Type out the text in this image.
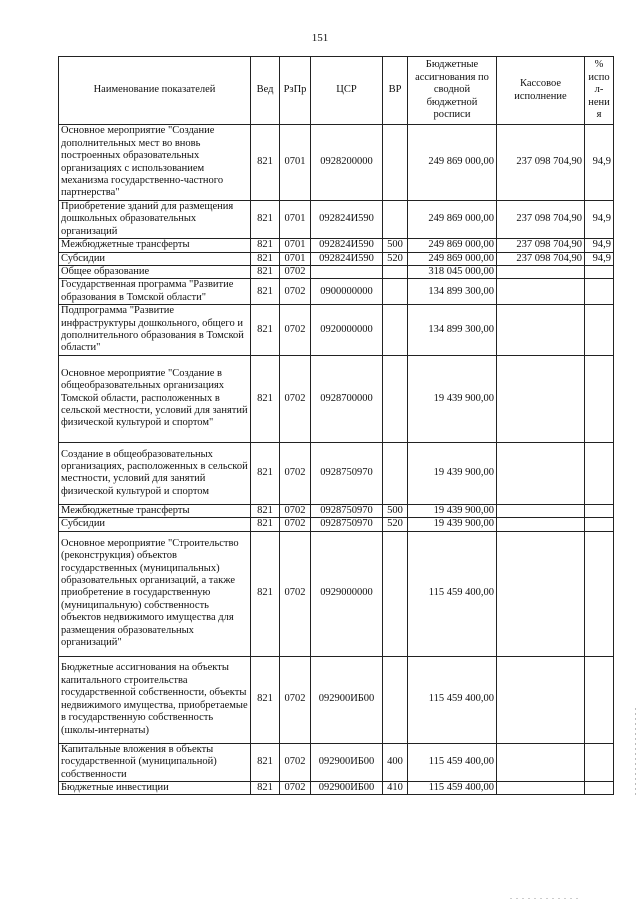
151
Наименование показателей	Вед	РзПр	ЦСР	ВР	Бюджетные ассигнования по сводной бюджетной росписи	Кассовое исполнение	% испол-нения
Основное мероприятие "Создание дополнительных мест во вновь построенных образовательных организациях с использованием механизма государственно-частного партнерства"	821	0701	0928200000		249 869 000,00	237 098 704,90	94,9
Приобретение зданий для размещения дошкольных образовательных организаций	821	0701	092824И590		249 869 000,00	237 098 704,90	94,9
Межбюджетные трансферты	821	0701	092824И590	500	249 869 000,00	237 098 704,90	94,9
Субсидии	821	0701	092824И590	520	249 869 000,00	237 098 704,90	94,9
Общее образование	821	0702			318 045 000,00		
Государственная программа "Развитие образования в Томской области"	821	0702	0900000000		134 899 300,00		
Подпрограмма "Развитие инфраструктуры дошкольного, общего и дополнительного образования в Томской области"	821	0702	0920000000		134 899 300,00		
Основное мероприятие "Создание в общеобразовательных организациях Томской области, расположенных в сельской местности, условий для занятий физической культурой и спортом"	821	0702	0928700000		19 439 900,00		
Создание в общеобразовательных организациях, расположенных в сельской местности, условий для занятий физической культурой и спортом	821	0702	0928750970		19 439 900,00		
Межбюджетные трансферты	821	0702	0928750970	500	19 439 900,00		
Субсидии	821	0702	0928750970	520	19 439 900,00		
Основное мероприятие "Строительство (реконструкция) объектов государственных (муниципальных) образовательных организаций, а также приобретение в государственную (муниципальную) собственность объектов недвижимого имущества для размещения образовательных организаций"	821	0702	0929000000		115 459 400,00		
Бюджетные ассигнования на объекты капитального строительства государственной собственности, объекты недвижимого имущества, приобретаемые в государственную собственность (школы-интернаты)	821	0702	092900ИБ00		115 459 400,00		
Капитальные вложения в объекты государственной (муниципальной) собственности	821	0702	092900ИБ00	400	115 459 400,00		
Бюджетные инвестиции	821	0702	092900ИБ00	410	115 459 400,00		
